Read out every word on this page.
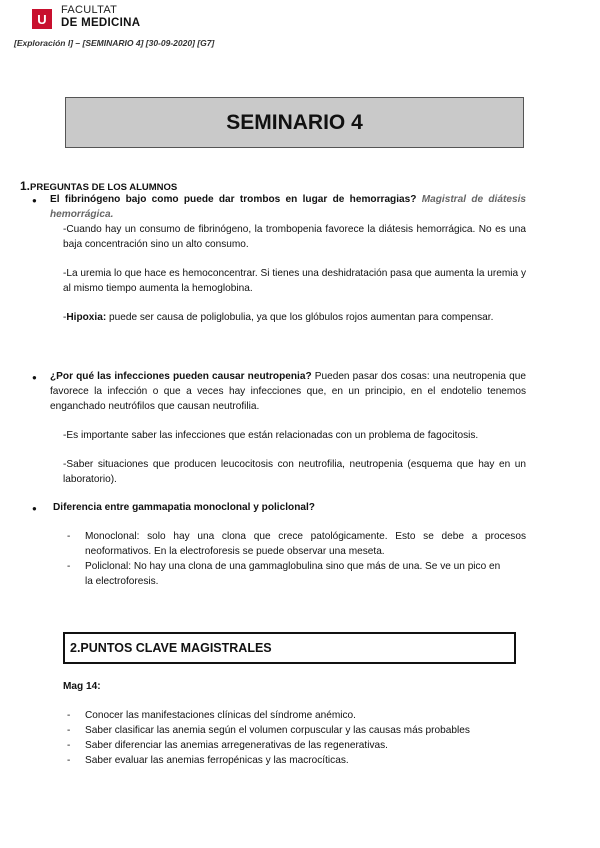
U
FACULTAT
DE MEDICINA
[Exploración I] – [SEMINARIO 4] [30-09-2020] [G7]
SEMINARIO 4
1.PREGUNTAS DE LOS ALUMNOS
● El fibrinógeno bajo como puede dar trombos en lugar de hemorragias? Magistral de diátesis hemorrágica.
-Cuando hay un consumo de fibrinógeno, la trombopenia favorece la diátesis hemorrágica. No es una baja concentración sino un alto consumo.
-La uremia lo que hace es hemoconcentrar. Si tienes una deshidratación pasa que aumenta la uremia y al mismo tiempo aumenta la hemoglobina.
-Hipoxia: puede ser causa de poliglobulia, ya que los glóbulos rojos aumentan para compensar.
● ¿Por qué las infecciones pueden causar neutropenia? Pueden pasar dos cosas: una neutropenia que favorece la infección o que a veces hay infecciones que, en un principio, en el endotelio tenemos enganchado neutrófilos que causan neutrofilia.
-Es importante saber las infecciones que están relacionadas con un problema de fagocitosis.
-Saber situaciones que producen leucocitosis con neutrofilia, neutropenia (esquema que hay en un laboratorio).
● Diferencia entre gammapatia monoclonal y policlonal?
- Monoclonal: solo hay una clona que crece patológicamente. Esto se debe a procesos neoformativos. En la electroforesis se puede observar una meseta.
- Policlonal: No hay una clona de una gammaglobulina sino que más de una. Se ve un pico en la electroforesis.
2.PUNTOS CLAVE MAGISTRALES
Mag 14:
- Conocer las manifestaciones clínicas del síndrome anémico.
- Saber clasificar las anemia según el volumen corpuscular y las causas más probables
- Saber diferenciar las anemias arregenerativas de las regenerativas.
- Saber evaluar las anemias ferropénicas y las macrocíticas.
